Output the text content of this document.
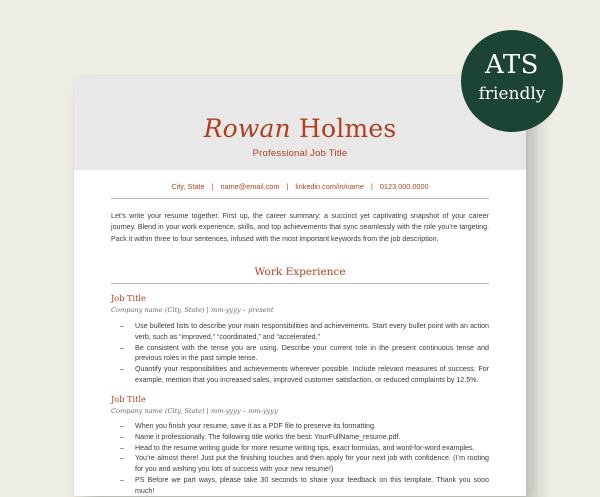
Rowan Holmes
Professional Job Title
City, State | name@email.com | linkedin.com/in/name | 0123.000.0000
Let’s write your resume together. First up, the career summary: a succinct yet captivating snapshot of your career journey. Blend in your work experience, skills, and top achievements that sync seamlessly with the role you’re targeting. Pack it within three to four sentences, infused with the most important keywords from the job description.
Work Experience
Job Title
Company name (City, State) | mm-yyyy – present
– Use bulleted lists to describe your main responsibilities and achievements. Start every bullet point with an action verb, such as “improved,” “coordinated,” and “accelerated.”
– Be consistent with the tense you are using. Describe your current role in the present continuous tense and previous roles in the past simple tense.
– Quantify your responsibilities and achievements wherever possible. Include relevant measures of success. For example, mention that you increased sales, improved customer satisfaction, or reduced complaints by 12.5%.
Job Title
Company name (City, State) | mm-yyyy – mm-yyyy
– When you finish your resume, save it as a PDF file to preserve its formatting.
– Name it professionally. The following title works the best: YourFullName_resume.pdf.
– Head to the resume writing guide for more resume writing tips, exact formulas, and word-for-word examples.
– You’re almost there! Just put the finishing touches and then apply for your next job with confidence. (I’m rooting for you and wishing you lots of success with your new resume!)
– PS Before we part ways, please take 30 seconds to share your feedback on this template. Thank you sooo much!
ATS
friendly
